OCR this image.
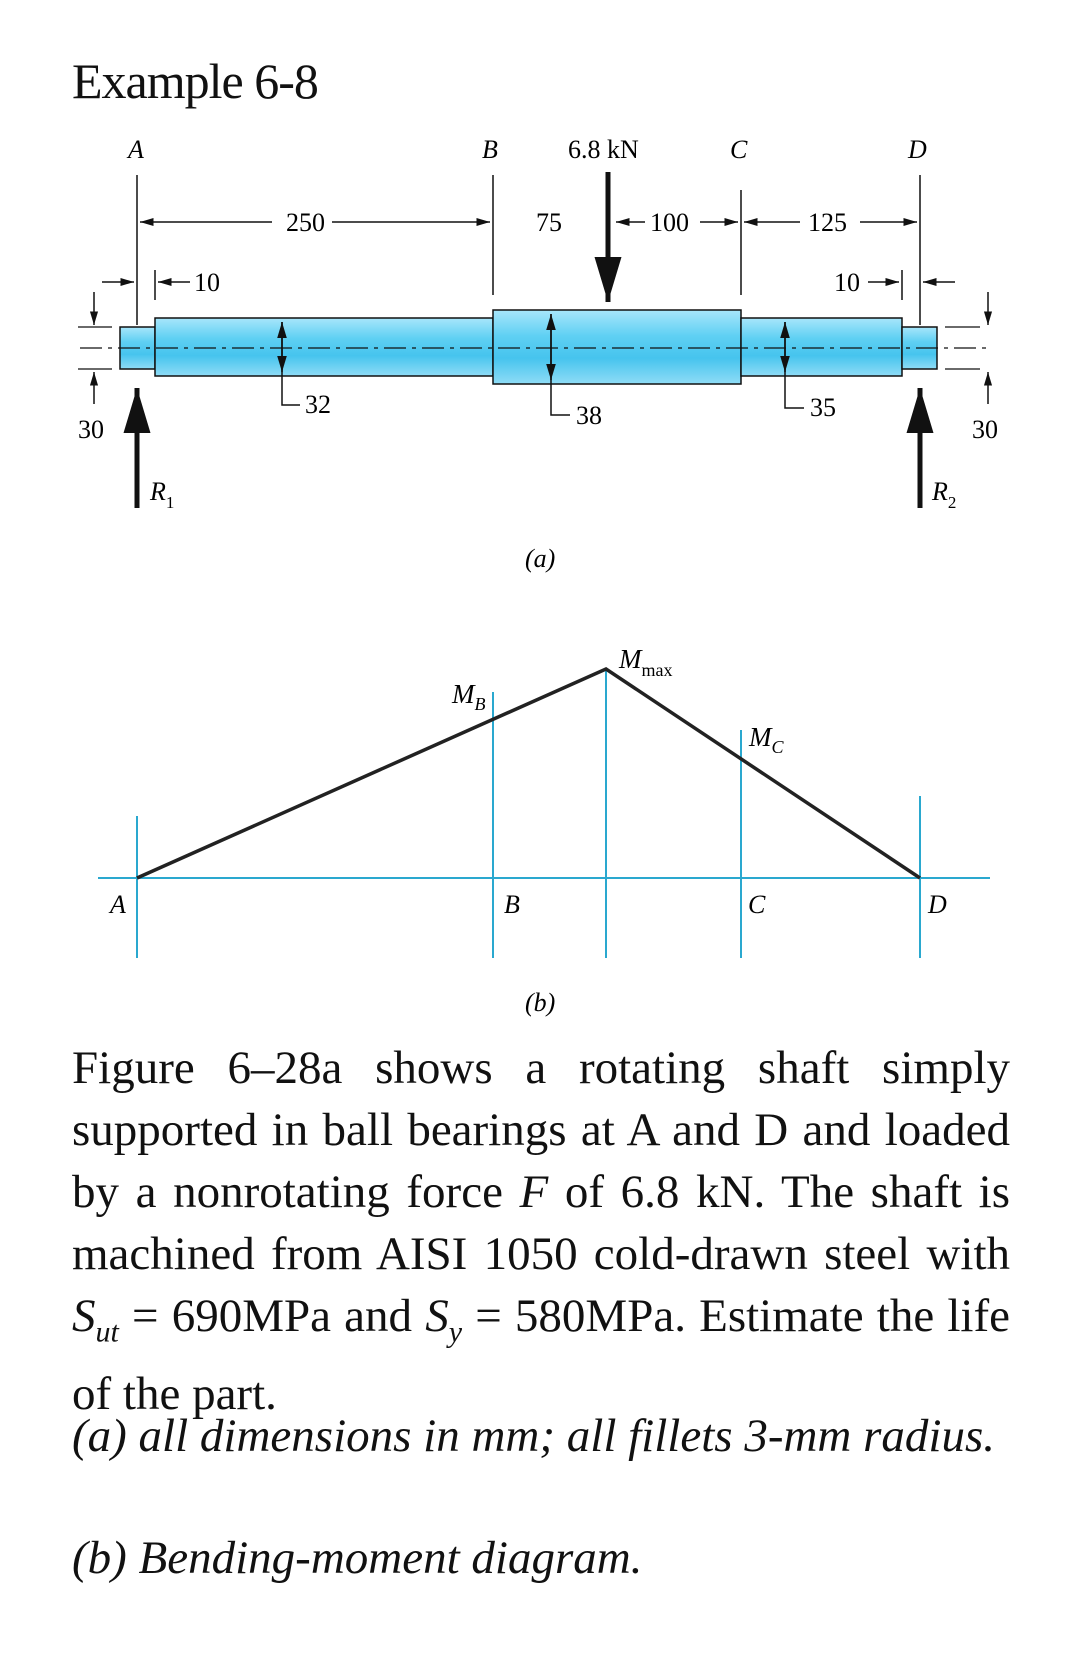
Example 6-8
A	B	6.8 kN	C	D
250	75	100	125
10	10
30	30
32	38	35
$R_1$	$R_2$
(a)
$M_{max}$
$M_B$
$M_C$
A	B	C	D
(b)

Figure 6–28a shows a rotating shaft simply supported in ball bearings at A and D and loaded by a nonrotating force F of 6.8 kN. The shaft is machined from AISI 1050 cold-drawn steel with $S_{ut} = 690MPa$ and $S_y = 580MPa$. Estimate the life of the part.

(a) all dimensions in mm; all fillets 3-mm radius.
(b) Bending-moment diagram.
